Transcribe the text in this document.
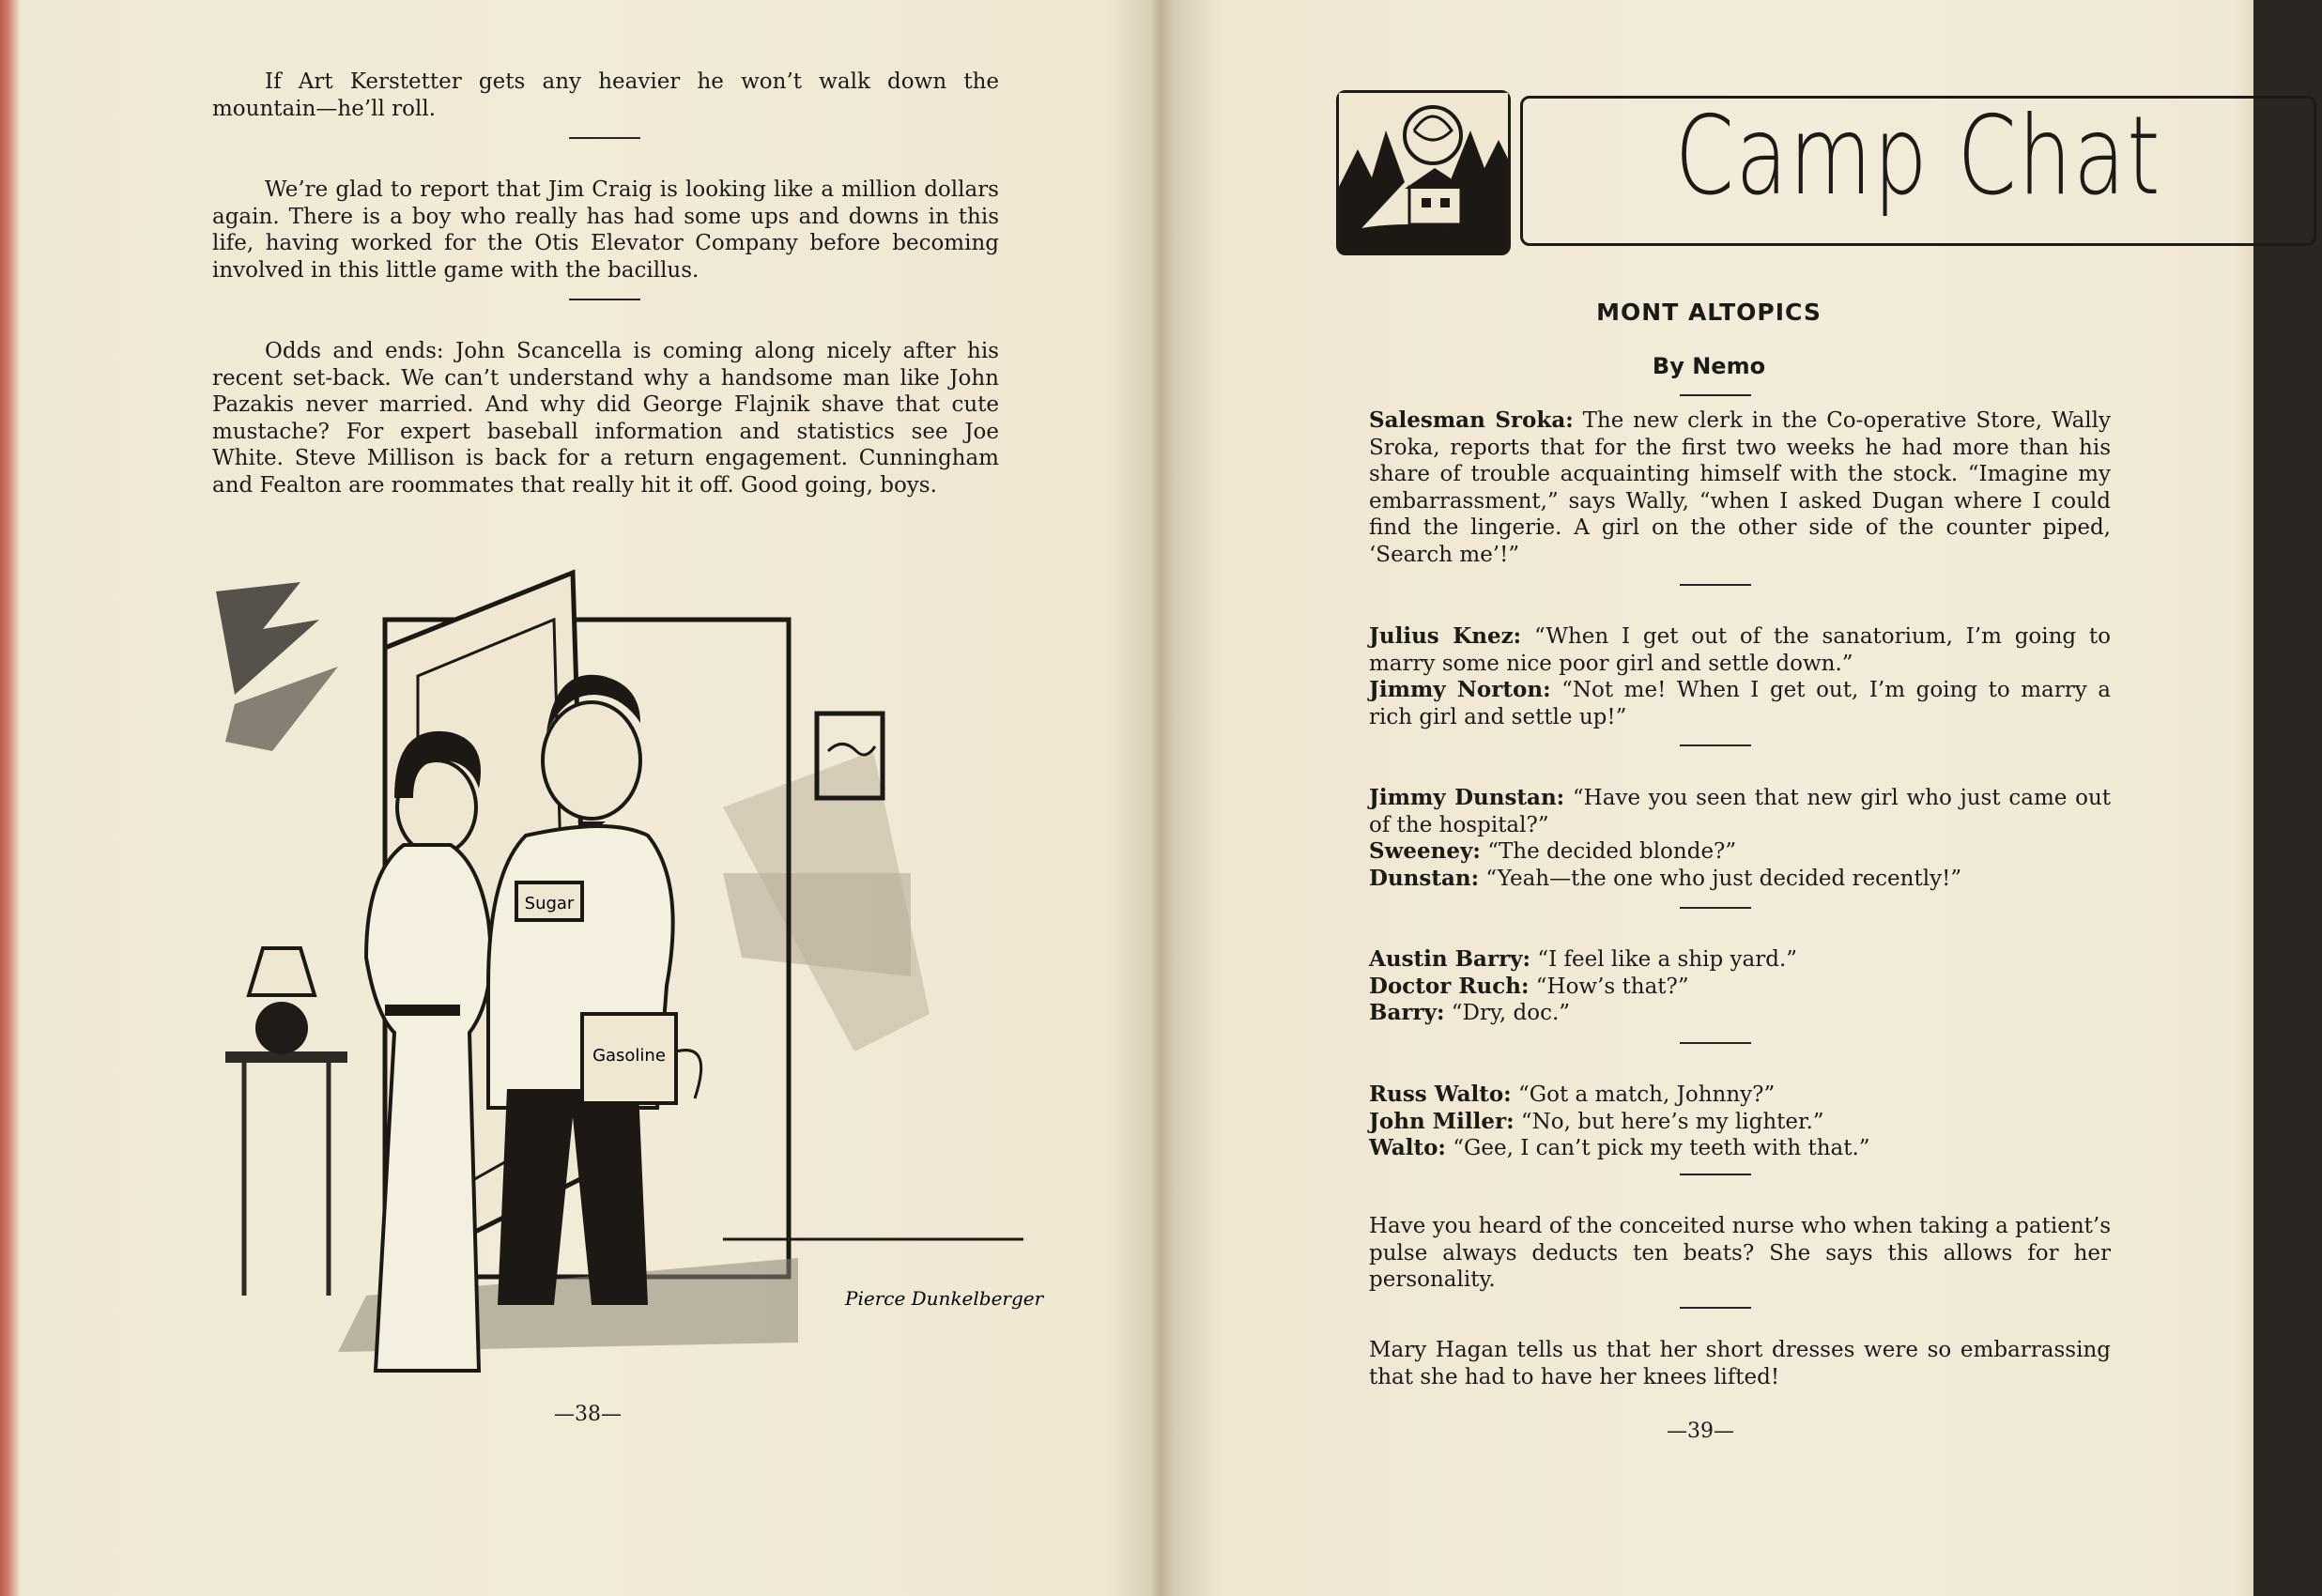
If Art Kerstetter gets any heavier he won’t walk down the mountain—he’ll roll.

We’re glad to report that Jim Craig is looking like a million dollars again. There is a boy who really has had some ups and downs in this life, having worked for the Otis Elevator Company before becoming involved in this little game with the bacillus.

Odds and ends: John Scancella is coming along nicely after his recent set-back. We can’t understand why a handsome man like John Pazakis never married. And why did George Flajnik shave that cute mustache? For expert baseball information and statistics see Joe White. Steve Millison is back for a return engagement. Cunningham and Fealton are roommates that really hit it off. Good going, boys.

Sugar
Gasoline
Pierce Dunkelberger
—38—
Camp Chat
MONT ALTOPICS
By Nemo

Salesman Sroka: The new clerk in the Co-operative Store, Wally Sroka, reports that for the first two weeks he had more than his share of trouble acquainting himself with the stock. “Imagine my embarrassment,” says Wally, “when I asked Dugan where I could find the lingerie. A girl on the other side of the counter piped, ‘Search me’!”

Julius Knez: “When I get out of the sanatorium, I’m going to marry some nice poor girl and settle down.”

Jimmy Norton: “Not me! When I get out, I’m going to marry a rich girl and settle up!”

Jimmy Dunstan: “Have you seen that new girl who just came out of the hospital?”

Sweeney: “The decided blonde?”

Dunstan: “Yeah—the one who just decided recently!”

Austin Barry: “I feel like a ship yard.”

Doctor Ruch: “How’s that?”

Barry: “Dry, doc.”

Russ Walto: “Got a match, Johnny?”

John Miller: “No, but here’s my lighter.”

Walto: “Gee, I can’t pick my teeth with that.”

Have you heard of the conceited nurse who when taking a patient’s pulse always deducts ten beats? She says this allows for her personality.

Mary Hagan tells us that her short dresses were so embarrassing that she had to have her knees lifted!

—39—
